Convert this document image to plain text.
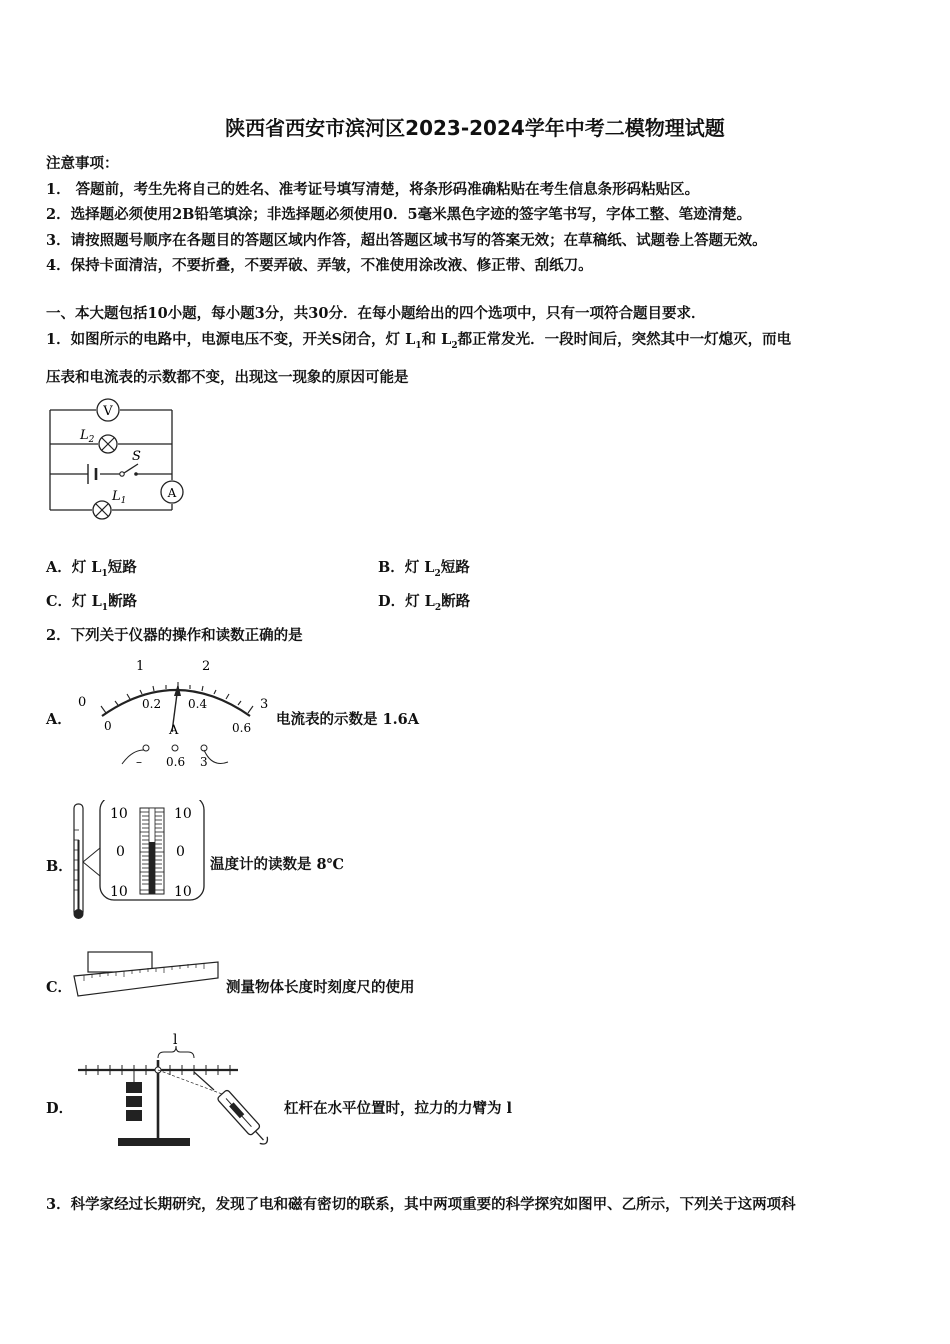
陕西省西安市滨河区2023-2024学年中考二模物理试题
注意事项：
1． 答题前，考生先将自己的姓名、准考证号填写清楚，将条形码准确粘贴在考生信息条形码粘贴区。
2．选择题必须使用2B铅笔填涂；非选择题必须使用0．5毫米黑色字迹的签字笔书写，字体工整、笔迹清楚。
3．请按照题号顺序在各题目的答题区域内作答，超出答题区域书写的答案无效；在草稿纸、试题卷上答题无效。
4．保持卡面清洁，不要折叠，不要弄破、弄皱，不准使用涂改液、修正带、刮纸刀。
一、本大题包括10小题，每小题3分，共30分．在每小题给出的四个选项中，只有一项符合题目要求．
1．如图所示的电路中，电源电压不变，开关S闭合，灯 $L_1$和 $L_2$都正常发光．一段时间后，突然其中一灯熄灭，而电
压表和电流表的示数都不变，出现这一现象的原因可能是
V
$L_2$
S
A
$L_1$
A．灯 $L_1$短路	B．灯 $L_2$短路
C．灯 $L_1$断路	D．灯 $L_2$断路
2．下列关于仪器的操作和读数正确的是
A．
0
1	2
3
0
0.2 0.4
0.6
A
– 0.6 3
电流表的示数是 1.6A
B．
10
0
10
10
0
10
温度计的读数是 8℃
C．	测量物体长度时刻度尺的使用
D．
l
杠杆在水平位置时，拉力的力臂为 l
3．科学家经过长期研究，发现了电和磁有密切的联系，其中两项重要的科学探究如图甲、乙所示，下列关于这两项科
